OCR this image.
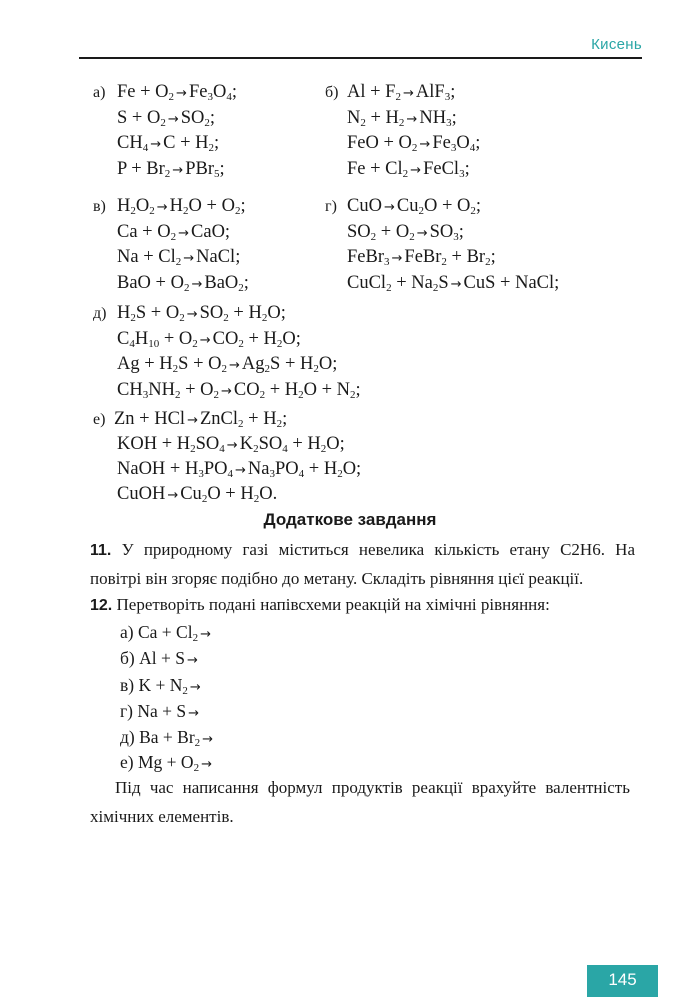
Кисень
а) $Fe + O_2 \to Fe_3O_4$;
$S + O_2 \to SO_2$;
$CH_4 \to C + H_2$;
$P + Br_2 \to PBr_5$;
б) $Al + F_2 \to AlF_3$;
$N_2 + H_2 \to NH_3$;
FeO + $O_2 \to Fe_3O_4$;
$Fe + Cl_2$ → FeCl$_3$;
в) $H_2O_2 \to H_2O + O_2$;
$Ca + O_2$ → CaO;
$Na + Cl_2$ → NaCl;
BaO + $O_2 \to BaO_2$;
г) CuO → $Cu_2O + O_2$;
$SO_2 + O_2 \to SO_3$;
FeBr$_3$ → FeBr$_2$ + $Br_2$;
CuCl$_2$ + $Na_2S$ → CuS + NaCl;
д) $H_2S + O_2 \to SO_2 + H_2O$;
$C_4H_{10} + O_2 \to CO_2 + H_2O$;
$Ag + H_2S + O_2 \to Ag_2S + H_2O$;
$CH_3NH_2 + O_2 \to CO_2 + H_2O + N_2$;
е) Zn + HCl → ZnCl$_2$ + $H_2$;
KOH + $H_2SO_4 \to K_2SO_4 + H_2O$;
NaOH + $H_3PO_4 \to Na_3PO_4 + H_2O$;
CuOH → $Cu_2O + H_2O$.
Додаткове завдання
11. У природному газі міститься невелика кількість етану C2H6. На повітрі він згоряє подібно до метану. Складіть рівняння цієї реакції.
12. Перетворіть подані напівсхеми реакцій на хімічні рівняння:
а) $Ca + Cl_2$ →
б) Al + S →
в) $K + N_2$ →
г) Na + S →
д) $Ba + Br_2$ →
е) $Mg + O_2$ →
Під час написання формул продуктів реакції врахуйте валентність хімічних елементів.
145
